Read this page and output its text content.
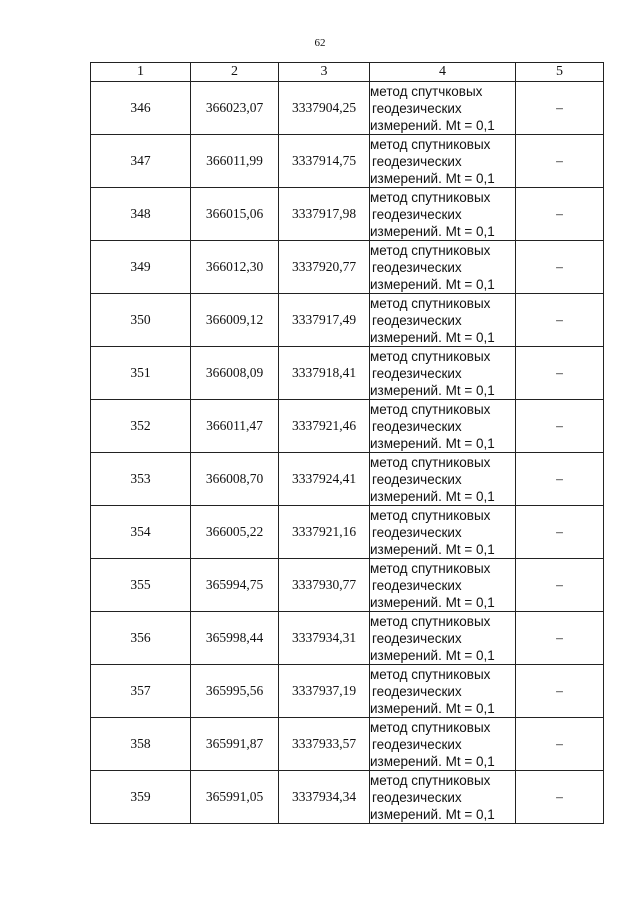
62
1	2	3	4	5
346	366023,07	3337904,25	метод спутчковых
геодезических
измерений. Mt = 0,1	–
347	366011,99	3337914,75	метод спутниковых
геодезических
измерений. Mt = 0,1	–
348	366015,06	3337917,98	метод спутниковых
геодезических
измерений. Mt = 0,1	–
349	366012,30	3337920,77	метод спутниковых
геодезических
измерений. Mt = 0,1	–
350	366009,12	3337917,49	метод спутниковых
геодезических
измерений. Mt = 0,1	–
351	366008,09	3337918,41	метод спутниковых
геодезических
измерений. Mt = 0,1	–
352	366011,47	3337921,46	метод спутниковых
геодезических
измерений. Mt = 0,1	–
353	366008,70	3337924,41	метод спутниковых
геодезических
измерений. Mt = 0,1	–
354	366005,22	3337921,16	метод спутниковых
геодезических
измерений. Mt = 0,1	–
355	365994,75	3337930,77	метод спутниковых
геодезических
измерений. Mt = 0,1	–
356	365998,44	3337934,31	метод спутниковых
геодезических
измерений. Mt = 0,1	–
357	365995,56	3337937,19	метод спутниковых
геодезических
измерений. Mt = 0,1	–
358	365991,87	3337933,57	метод спутниковых
геодезических
измерений. Mt = 0,1	–
359	365991,05	3337934,34	метод спутниковых
геодезических
измерений. Mt = 0,1	–
